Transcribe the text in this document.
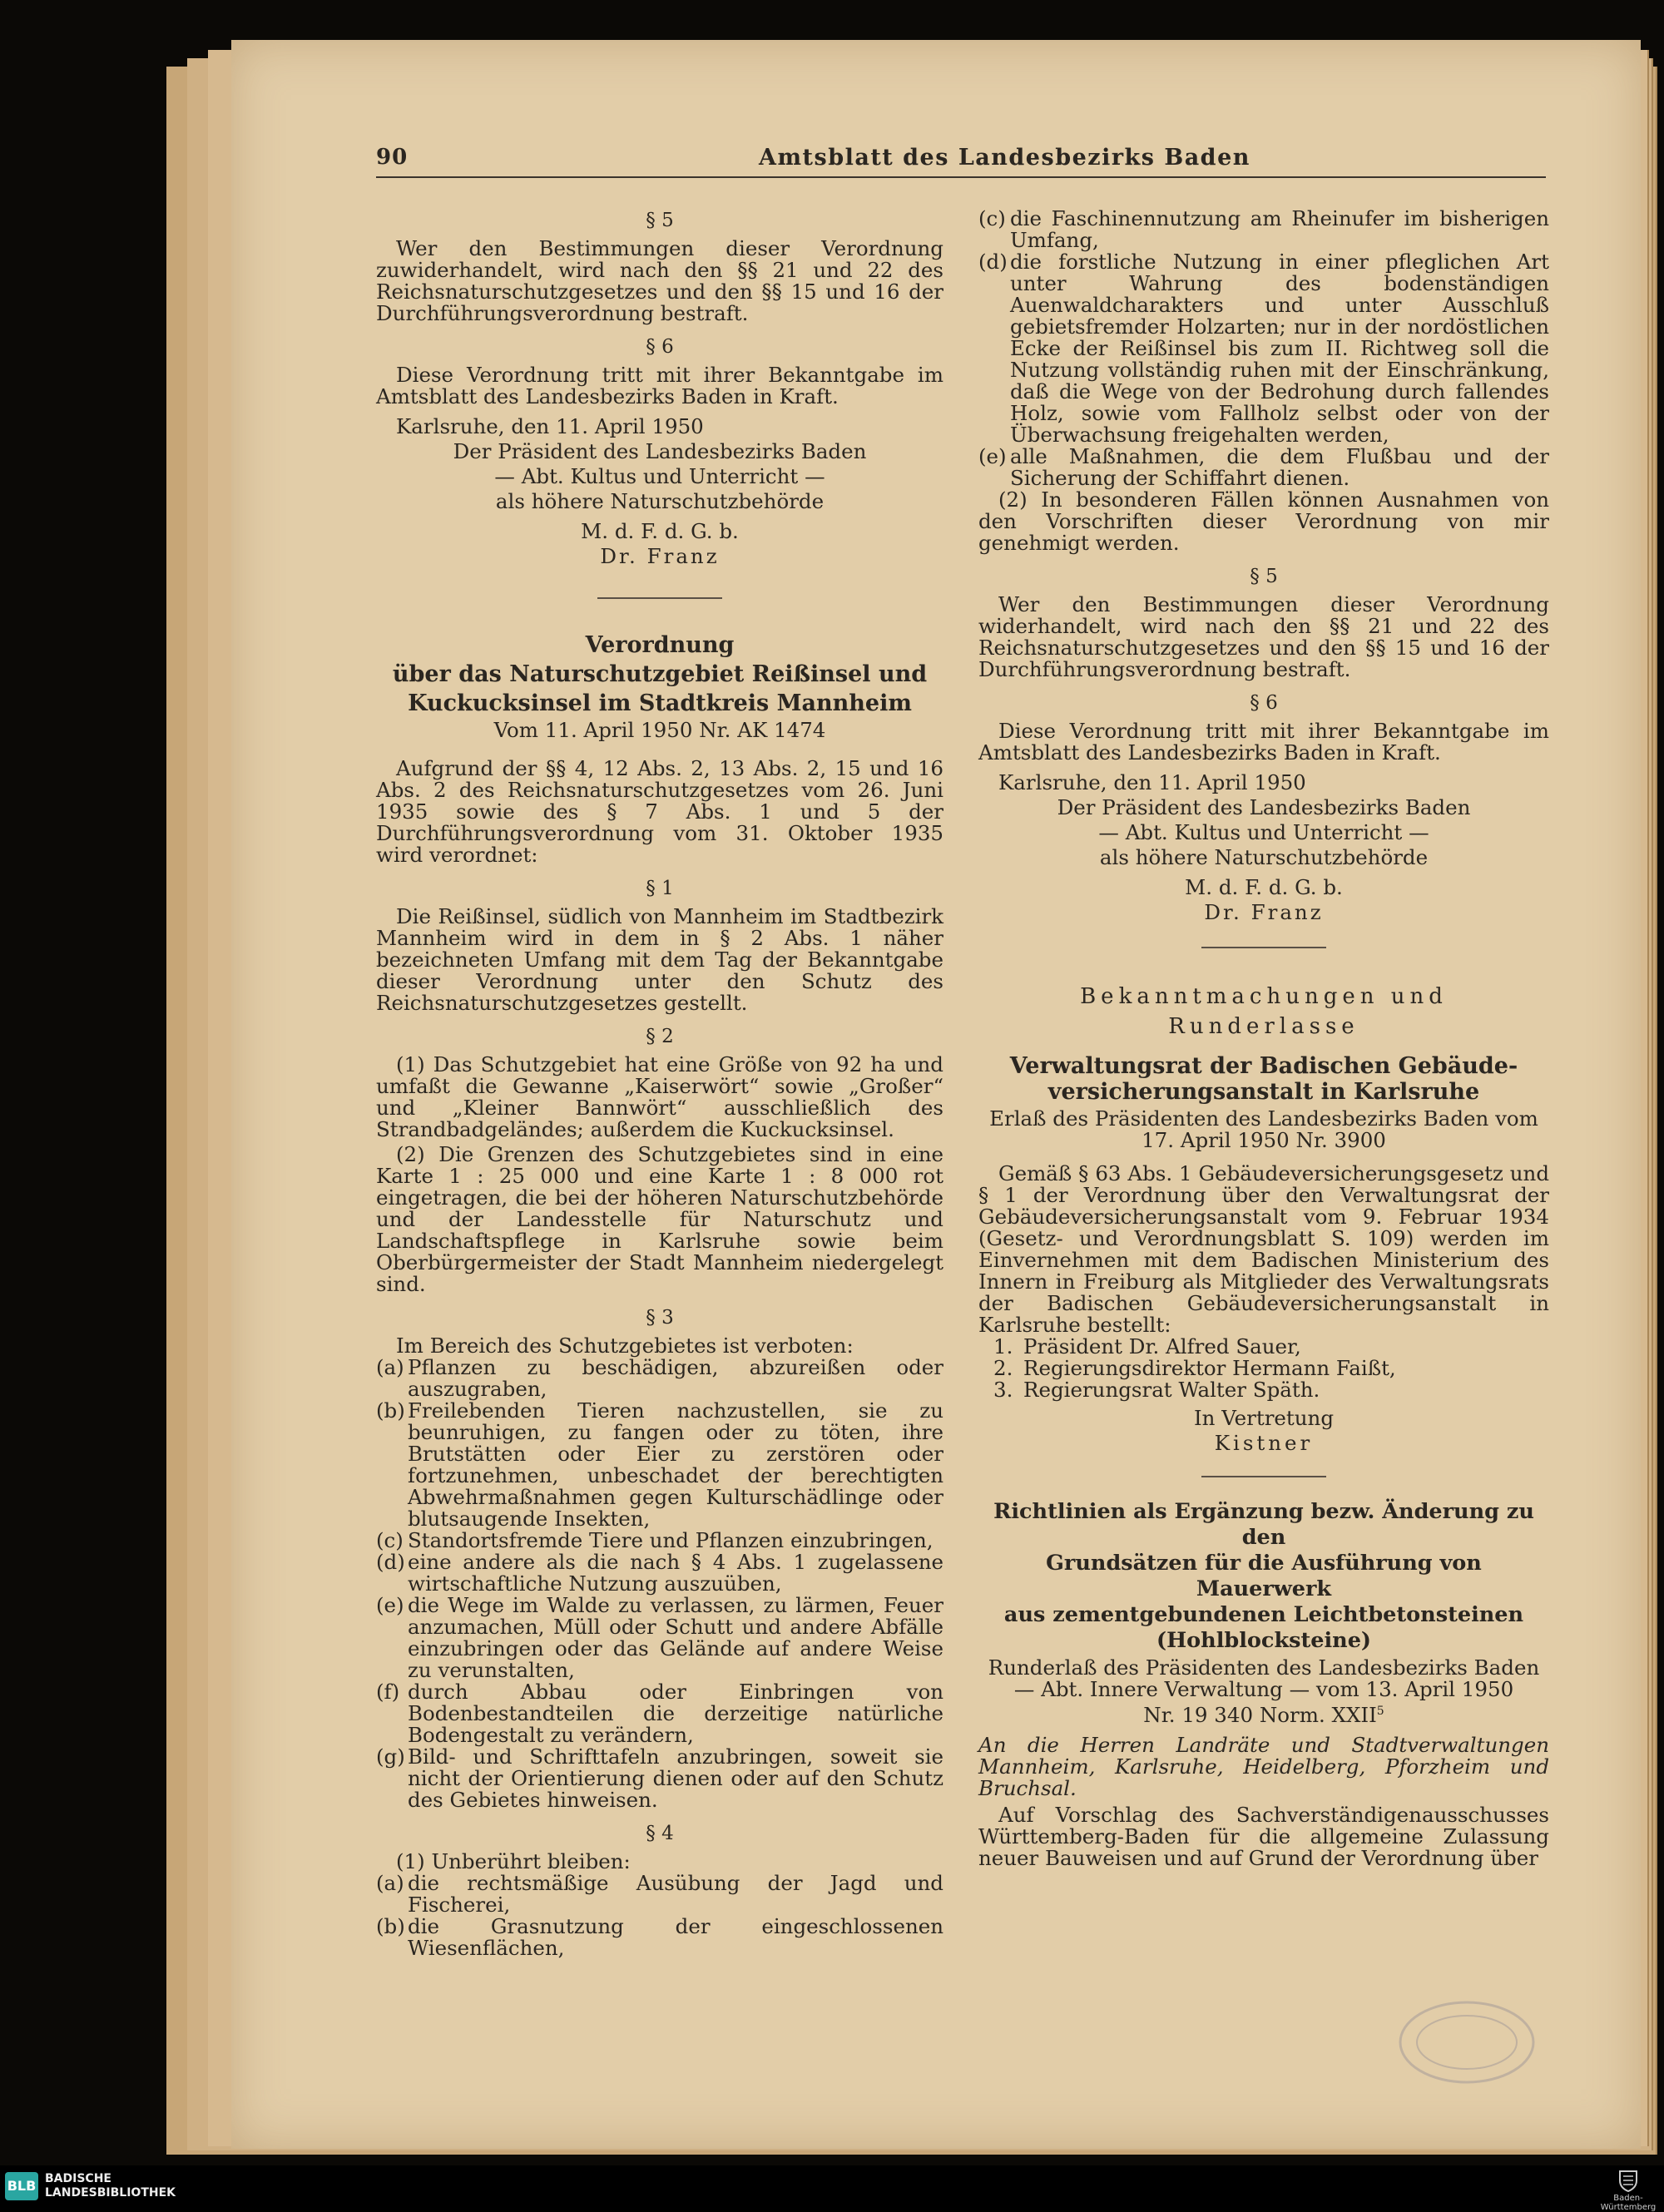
90	Amtsblatt des Landesbezirks Baden

§ 5

Wer den Bestimmungen dieser Verordnung zuwiderhandelt, wird nach den §§ 21 und 22 des Reichsnaturschutzgesetzes und den §§ 15 und 16 der Durchführungsverordnung bestraft.

§ 6

Diese Verordnung tritt mit ihrer Bekanntgabe im Amtsblatt des Landesbezirks Baden in Kraft.

Karlsruhe, den 11. April 1950

Der Präsident des Landesbezirks Baden

— Abt. Kultus und Unterricht —

als höhere Naturschutzbehörde

M. d. F. d. G. b.

Dr. Franz

Verordnung

über das Naturschutzgebiet Reißinsel und

Kuckucksinsel im Stadtkreis Mannheim

Vom 11. April 1950 Nr. AK 1474

Aufgrund der §§ 4, 12 Abs. 2, 13 Abs. 2, 15 und 16 Abs. 2 des Reichsnaturschutzgesetzes vom 26. Juni 1935 sowie des § 7 Abs. 1 und 5 der Durchführungsverordnung vom 31. Oktober 1935 wird verordnet:

§ 1

Die Reißinsel, südlich von Mannheim im Stadtbezirk Mannheim wird in dem in § 2 Abs. 1 näher bezeichneten Umfang mit dem Tag der Bekanntgabe dieser Verordnung unter den Schutz des Reichsnaturschutzgesetzes gestellt.

§ 2

(1) Das Schutzgebiet hat eine Größe von 92 ha und umfaßt die Gewanne „Kaiserwört“ sowie „Großer“ und „Kleiner Bannwört“ ausschließlich des Strandbadgeländes; außerdem die Kuckucksinsel.

(2) Die Grenzen des Schutzgebietes sind in eine Karte 1 : 25 000 und eine Karte 1 : 8 000 rot eingetragen, die bei der höheren Naturschutzbehörde und der Landesstelle für Naturschutz und Landschaftspflege in Karlsruhe sowie beim Oberbürgermeister der Stadt Mannheim niedergelegt sind.

§ 3

Im Bereich des Schutzgebietes ist verboten:

(a) Pflanzen zu beschädigen, abzureißen oder auszugraben,
(b) Freilebenden Tieren nachzustellen, sie zu beunruhigen, zu fangen oder zu töten, ihre Brutstätten oder Eier zu zerstören oder fortzunehmen, unbeschadet der berechtigten Abwehrmaßnahmen gegen Kulturschädlinge oder blutsaugende Insekten,
(c) Standortsfremde Tiere und Pflanzen einzubringen,
(d) eine andere als die nach § 4 Abs. 1 zugelassene wirtschaftliche Nutzung auszuüben,
(e) die Wege im Walde zu verlassen, zu lärmen, Feuer anzumachen, Müll oder Schutt und andere Abfälle einzubringen oder das Gelände auf andere Weise zu verunstalten,
(f) durch Abbau oder Einbringen von Bodenbestandteilen die derzeitige natürliche Bodengestalt zu verändern,
(g) Bild- und Schrifttafeln anzubringen, soweit sie nicht der Orientierung dienen oder auf den Schutz des Gebietes hinweisen.

§ 4

(1) Unberührt bleiben:

(a) die rechtsmäßige Ausübung der Jagd und Fischerei,
(b) die Grasnutzung der eingeschlossenen Wiesenflächen,
(c) die Faschinennutzung am Rheinufer im bisherigen Umfang,
(d) die forstliche Nutzung in einer pfleglichen Art unter Wahrung des bodenständigen Auenwaldcharakters und unter Ausschluß gebietsfremder Holzarten; nur in der nordöstlichen Ecke der Reißinsel bis zum II. Richtweg soll die Nutzung vollständig ruhen mit der Einschränkung, daß die Wege von der Bedrohung durch fallendes Holz, sowie vom Fallholz selbst oder von der Überwachsung freigehalten werden,
(e) alle Maßnahmen, die dem Flußbau und der Sicherung der Schiffahrt dienen.

(2) In besonderen Fällen können Ausnahmen von den Vorschriften dieser Verordnung von mir genehmigt werden.

§ 5

Wer den Bestimmungen dieser Verordnung widerhandelt, wird nach den §§ 21 und 22 des Reichsnaturschutzgesetzes und den §§ 15 und 16 der Durchführungsverordnung bestraft.

§ 6

Diese Verordnung tritt mit ihrer Bekanntgabe im Amtsblatt des Landesbezirks Baden in Kraft.

Karlsruhe, den 11. April 1950

Der Präsident des Landesbezirks Baden

— Abt. Kultus und Unterricht —

als höhere Naturschutzbehörde

M. d. F. d. G. b.

Dr. Franz

Bekanntmachungen und

Runderlasse

Verwaltungsrat der Badischen Gebäude-

versicherungsanstalt in Karlsruhe

Erlaß des Präsidenten des Landesbezirks Baden vom

17. April 1950 Nr. 3900

Gemäß § 63 Abs. 1 Gebäudeversicherungsgesetz und § 1 der Verordnung über den Verwaltungsrat der Gebäudeversicherungsanstalt vom 9. Februar 1934 (Gesetz- und Verordnungsblatt S. 109) werden im Einvernehmen mit dem Badischen Ministerium des Innern in Freiburg als Mitglieder des Verwaltungsrats der Badischen Gebäudeversicherungsanstalt in Karlsruhe bestellt:

1. Präsident Dr. Alfred Sauer,
2. Regierungsdirektor Hermann Faißt,
3. Regierungsrat Walter Späth.

In Vertretung

Kistner

Richtlinien als Ergänzung bezw. Änderung zu den

Grundsätzen für die Ausführung von Mauerwerk

aus zementgebundenen Leichtbetonsteinen

(Hohlblocksteine)

Runderlaß des Präsidenten des Landesbezirks Baden

— Abt. Innere Verwaltung — vom 13. April 1950

Nr. 19 340 Norm. XXII$^5$

An die Herren Landräte und Stadtverwaltungen Mannheim, Karlsruhe, Heidelberg, Pforzheim und Bruchsal.

Auf Vorschlag des Sachverständigenausschusses Württemberg-Baden für die allgemeine Zulassung neuer Bauweisen und auf Grund der Verordnung über

BLB BADISCHE
LANDESBIBLIOTHEK	Baden-Württemberg
